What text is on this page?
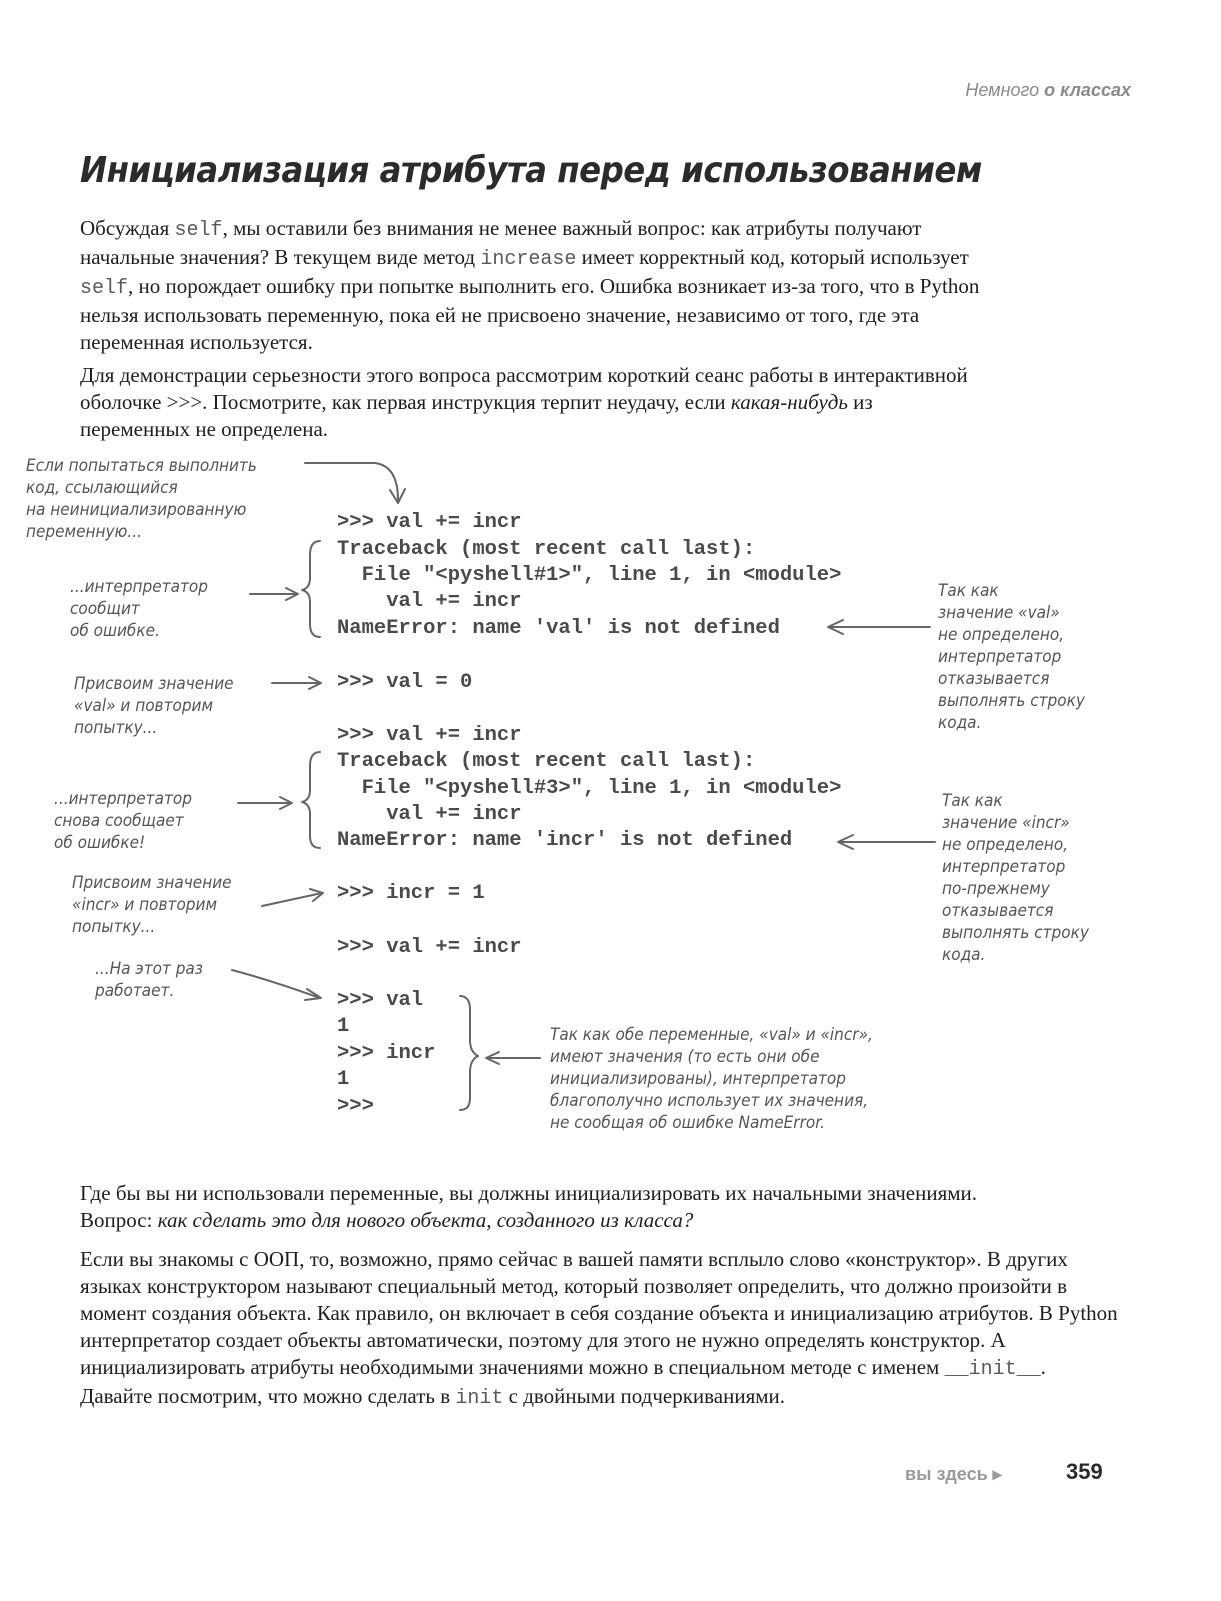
Немного о классах
Инициализация атрибута перед использованием

Обсуждая self, мы оставили без внимания не менее важный вопрос: как атрибуты получают начальные значения? В текущем виде метод increase имеет корректный код, который использует self, но порождает ошибку при попытке выполнить его. Ошибка возникает из-за того, что в Python нельзя использовать переменную, пока ей не присвоено значение, независимо от того, где эта переменная используется.

Для демонстрации серьезности этого вопроса рассмотрим короткий сеанс работы в интерактивной оболочке >>>. Посмотрите, как первая инструкция терпит неудачу, если какая-нибудь из переменных не определена.

>>> val += incr
Traceback (most recent call last):
File "<pyshell#1>", line 1, in <module>
val += incr
NameError: name 'val' is not defined
>>> val = 0
>>> val += incr
Traceback (most recent call last):
File "<pyshell#3>", line 1, in <module>
val += incr
NameError: name 'incr' is not defined
>>> incr = 1
>>> val += incr
>>> val
1
>>> incr
1
>>>
Если попытаться выполнить
код, ссылающийся
на неинициализированную
переменную...
...интерпретатор
сообщит
об ошибке.
Так как
значение «val»
не определено,
интерпретатор
отказывается
выполнять строку
кода.
Присвоим значение
«val» и повторим
попытку...
...интерпретатор
снова сообщает
об ошибке!
Так как
значение «incr»
не определено,
интерпретатор
по-прежнему
отказывается
выполнять строку
кода.
Присвоим значение
«incr» и повторим
попытку...
...На этот раз
работает.
Так как обе переменные, «val» и «incr»,
имеют значения (то есть они обе
инициализированы), интерпретатор
благополучно использует их значения,
не сообщая об ошибке NameError.

Где бы вы ни использовали переменные, вы должны инициализировать их начальными значениями. Вопрос: как сделать это для нового объекта, созданного из класса?

Если вы знакомы с ООП, то, возможно, прямо сейчас в вашей памяти всплыло слово «конструктор». В других языках конструктором называют специальный метод, который позволяет определить, что должно произойти в момент создания объекта. Как правило, он включает в себя создание объекта и инициализацию атрибутов. В Python интерпретатор создает объекты автоматически, поэтому для этого не нужно определять конструктор. А инициализировать атрибуты необходимыми значениями можно в специальном методе с именем __init__. Давайте посмотрим, что можно сделать в init с двойными подчеркиваниями.

вы здесь ▸	359
